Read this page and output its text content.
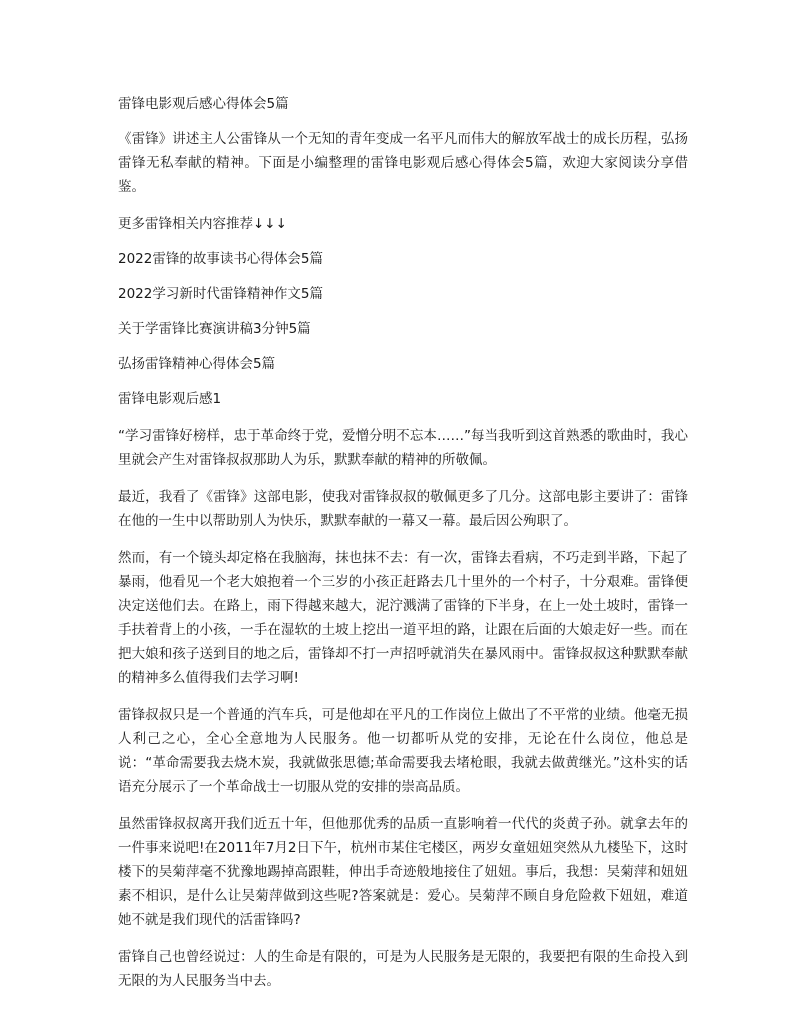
雷锋电影观后感心得体会5篇

《雷锋》讲述主人公雷锋从一个无知的青年变成一名平凡而伟大的解放军战士的成长历程，弘扬雷锋无私奉献的精神。下面是小编整理的雷锋电影观后感心得体会5篇，欢迎大家阅读分享借鉴。

更多雷锋相关内容推荐↓↓↓

2022雷锋的故事读书心得体会5篇

2022学习新时代雷锋精神作文5篇

关于学雷锋比赛演讲稿3分钟5篇

弘扬雷锋精神心得体会5篇

雷锋电影观后感1

“学习雷锋好榜样，忠于革命终于党，爱憎分明不忘本……”每当我听到这首熟悉的歌曲时，我心里就会产生对雷锋叔叔那助人为乐，默默奉献的精神的所敬佩。

最近，我看了《雷锋》这部电影，使我对雷锋叔叔的敬佩更多了几分。这部电影主要讲了：雷锋在他的一生中以帮助别人为快乐，默默奉献的一幕又一幕。最后因公殉职了。

然而，有一个镜头却定格在我脑海，抹也抹不去：有一次，雷锋去看病，不巧走到半路，下起了暴雨，他看见一个老大娘抱着一个三岁的小孩正赶路去几十里外的一个村子，十分艰难。雷锋便决定送他们去。在路上，雨下得越来越大，泥泞溅满了雷锋的下半身，在上一处土坡时，雷锋一手扶着背上的小孩，一手在湿软的土坡上挖出一道平坦的路，让跟在后面的大娘走好一些。而在把大娘和孩子送到目的地之后，雷锋却不打一声招呼就消失在暴风雨中。雷锋叔叔这种默默奉献的精神多么值得我们去学习啊!

雷锋叔叔只是一个普通的汽车兵，可是他却在平凡的工作岗位上做出了不平常的业绩。他毫无损人利己之心，全心全意地为人民服务。他一切都听从党的安排，无论在什么岗位，他总是说：“革命需要我去烧木炭，我就做张思德;革命需要我去堵枪眼，我就去做黄继光。”这朴实的话语充分展示了一个革命战士一切服从党的安排的崇高品质。

虽然雷锋叔叔离开我们近五十年，但他那优秀的品质一直影响着一代代的炎黄子孙。就拿去年的一件事来说吧!在2011年7月2日下午，杭州市某住宅楼区，两岁女童妞妞突然从九楼坠下，这时楼下的吴菊萍毫不犹豫地踢掉高跟鞋，伸出手奇迹般地接住了妞妞。事后，我想：吴菊萍和妞妞素不相识，是什么让吴菊萍做到这些呢?答案就是：爱心。吴菊萍不顾自身危险救下妞妞，难道她不就是我们现代的活雷锋吗?

雷锋自己也曾经说过：人的生命是有限的，可是为人民服务是无限的，我要把有限的生命投入到无限的为人民服务当中去。
